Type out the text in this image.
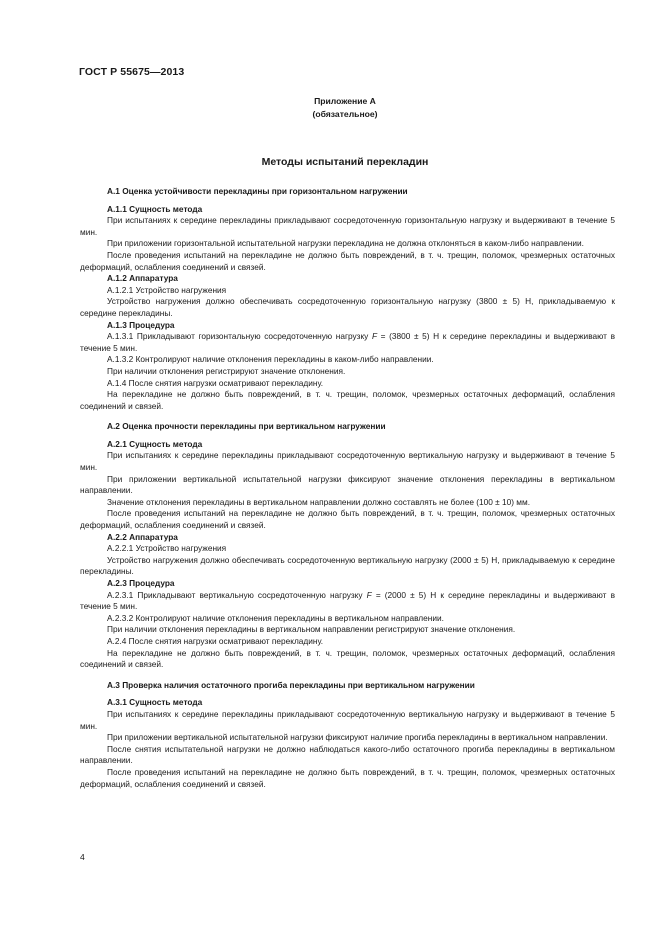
ГОСТ Р 55675—2013
Приложение А
(обязательное)
Методы испытаний перекладин
А.1 Оценка устойчивости перекладины при горизонтальном нагружении
А.1.1 Сущность метода

При испытаниях к середине перекладины прикладывают сосредоточенную горизонтальную нагрузку и выдерживают в течение 5 мин.

При приложении горизонтальной испытательной нагрузки перекладина не должна отклоняться в каком-либо направлении.

После проведения испытаний на перекладине не должно быть повреждений, в т. ч. трещин, поломок, чрезмерных остаточных деформаций, ослабления соединений и связей.

А.1.2 Аппаратура

А.1.2.1 Устройство нагружения

Устройство нагружения должно обеспечивать сосредоточенную горизонтальную нагрузку (3800 ± 5) Н, прикладываемую к середине перекладины.

А.1.3 Процедура

А.1.3.1 Прикладывают горизонтальную сосредоточенную нагрузку F = (3800 ± 5) Н к середине перекладины и выдерживают в течение 5 мин.

А.1.3.2 Контролируют наличие отклонения перекладины в каком-либо направлении.

При наличии отклонения регистрируют значение отклонения.

А.1.4 После снятия нагрузки осматривают перекладину.

На перекладине не должно быть повреждений, в т. ч. трещин, поломок, чрезмерных остаточных деформаций, ослабления соединений и связей.

А.2 Оценка прочности перекладины при вертикальном нагружении
А.2.1 Сущность метода

При испытаниях к середине перекладины прикладывают сосредоточенную вертикальную нагрузку и выдерживают в течение 5 мин.

При приложении вертикальной испытательной нагрузки фиксируют значение отклонения перекладины в вертикальном направлении.

Значение отклонения перекладины в вертикальном направлении должно составлять не более (100 ± 10) мм.

После проведения испытаний на перекладине не должно быть повреждений, в т. ч. трещин, поломок, чрезмерных остаточных деформаций, ослабления соединений и связей.

А.2.2 Аппаратура

А.2.2.1 Устройство нагружения

Устройство нагружения должно обеспечивать сосредоточенную вертикальную нагрузку (2000 ± 5) Н, прикладываемую к середине перекладины.

А.2.3 Процедура

А.2.3.1 Прикладывают вертикальную сосредоточенную нагрузку F = (2000 ± 5) Н к середине перекладины и выдерживают в течение 5 мин.

А.2.3.2 Контролируют наличие отклонения перекладины в вертикальном направлении.

При наличии отклонения перекладины в вертикальном направлении регистрируют значение отклонения.

А.2.4 После снятия нагрузки осматривают перекладину.

На перекладине не должно быть повреждений, в т. ч. трещин, поломок, чрезмерных остаточных деформаций, ослабления соединений и связей.

А.3 Проверка наличия остаточного прогиба перекладины при вертикальном нагружении
А.3.1 Сущность метода

При испытаниях к середине перекладины прикладывают сосредоточенную вертикальную нагрузку и выдерживают в течение 5 мин.

При приложении вертикальной испытательной нагрузки фиксируют наличие прогиба перекладины в вертикальном направлении.

После снятия испытательной нагрузки не должно наблюдаться какого-либо остаточного прогиба перекладины в вертикальном направлении.

После проведения испытаний на перекладине не должно быть повреждений, в т. ч. трещин, поломок, чрезмерных остаточных деформаций, ослабления соединений и связей.

4
